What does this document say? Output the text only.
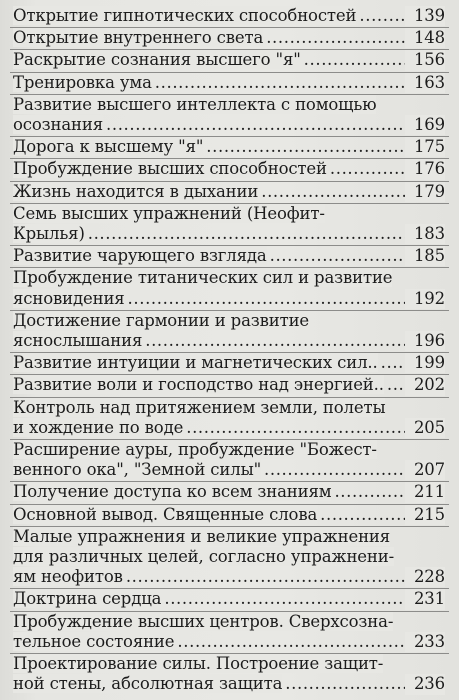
Открытие гипнотических способностей .....	139
Открытие внутреннего света .....	148
Раскрытие сознания высшего "я" .....	156
Тренировка ума .....	163
Развитие высшего интеллекта с помощью
осознания .....	169
Дорога к высшему "я" .....	175
Пробуждение высших способностей .....	176
Жизнь находится в дыхании .....	179
Семь высших упражнений (Неофит-
Крылья) .....	183
Развитие чарующего взгляда .....	185
Пробуждение титанических сил и развитие
ясновидения .....	192
Достижение гармонии и развитие
яснослышания .....	196
Развитие интуиции и магнетических сил.. .....	199
Развитие воли и господство над энергией.. .....	202
Контроль над притяжением земли, полеты
и хождение по воде .....	205
Расширение ауры, пробуждение "Божест-
венного ока", "Земной силы" .....	207
Получение доступа ко всем знаниям .....	211
Основной вывод. Священные слова .....	215
Малые упражнения и великие упражнения
для различных целей, согласно упражнени-
ям неофитов .....	228
Доктрина сердца .....	231
Пробуждение высших центров. Сверхсозна-
тельное состояние .....	233
Проектирование силы. Построение защит-
ной стены, абсолютная защита .....	236
